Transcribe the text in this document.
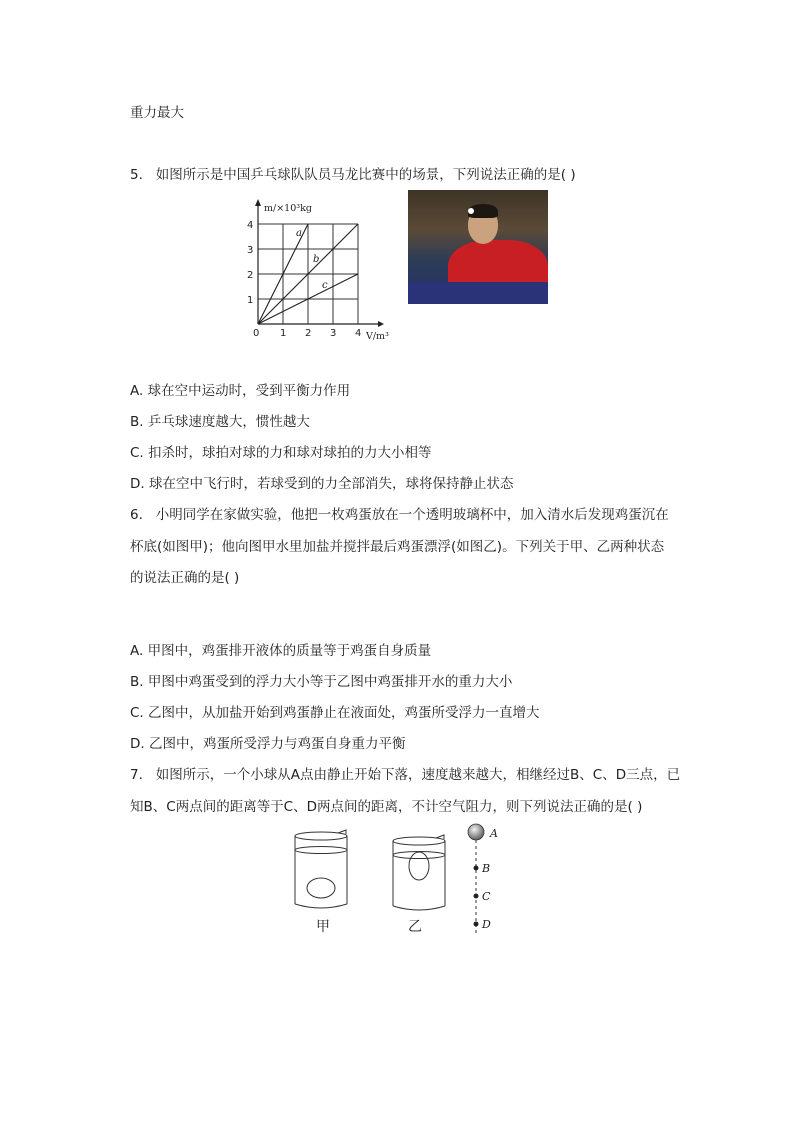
重力最大
5. 如图所示是中国乒乓球队队员马龙比赛中的场景，下列说法正确的是( )
a
b
c
0 1 2 3 4
1
2
3
4
m/×10³kg
V/m³
A. 球在空中运动时，受到平衡力作用
B. 乒乓球速度越大，惯性越大
C. 扣杀时，球拍对球的力和球对球拍的力大小相等
D. 球在空中飞行时，若球受到的力全部消失，球将保持静止状态
6. 小明同学在家做实验，他把一枚鸡蛋放在一个透明玻璃杯中，加入清水后发现鸡蛋沉在
杯底(如图甲)；他向图甲水里加盐并搅拌最后鸡蛋漂浮(如图乙)。下列关于甲、乙两种状态
的说法正确的是( )
A. 甲图中，鸡蛋排开液体的质量等于鸡蛋自身质量
B. 甲图中鸡蛋受到的浮力大小等于乙图中鸡蛋排开水的重力大小
C. 乙图中，从加盐开始到鸡蛋静止在液面处，鸡蛋所受浮力一直增大
D. 乙图中，鸡蛋所受浮力与鸡蛋自身重力平衡
7. 如图所示，一个小球从A点由静止开始下落，速度越来越大，相继经过B、C、D三点，已
知B、C两点间的距离等于C、D两点间的距离，不计空气阻力，则下列说法正确的是( )
甲	乙
A
B
C
D
